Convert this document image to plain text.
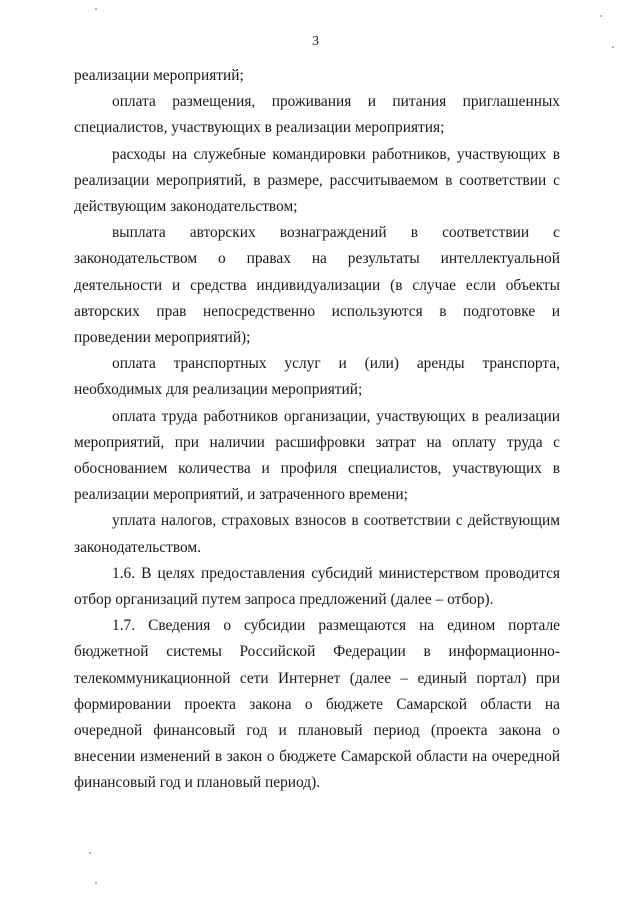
3

реализации мероприятий;

оплата размещения, проживания и питания приглашенных специалистов, участвующих в реализации мероприятия;

расходы на служебные командировки работников, участвующих в реализации мероприятий, в размере, рассчитываемом в соответствии с действующим законодательством;

выплата авторских вознаграждений в соответствии с законодательством о правах на результаты интеллектуальной деятельности и средства индивидуализации (в случае если объекты авторских прав непосредственно используются в подготовке и проведении мероприятий);

оплата транспортных услуг и (или) аренды транспорта, необходимых для реализации мероприятий;

оплата труда работников организации, участвующих в реализации мероприятий, при наличии расшифровки затрат на оплату труда с обоснованием количества и профиля специалистов, участвующих в реализации мероприятий, и затраченного времени;

уплата налогов, страховых взносов в соответствии с действующим законодательством.

1.6. В целях предоставления субсидий министерством проводится отбор организаций путем запроса предложений (далее – отбор).

1.7. Сведения о субсидии размещаются на едином портале бюджетной системы Российской Федерации в информационно-телекоммуникационной сети Интернет (далее – единый портал) при формировании проекта закона о бюджете Самарской области на очередной финансовый год и плановый период (проекта закона о внесении изменений в закон о бюджете Самарской области на очередной финансовый год и плановый период).
